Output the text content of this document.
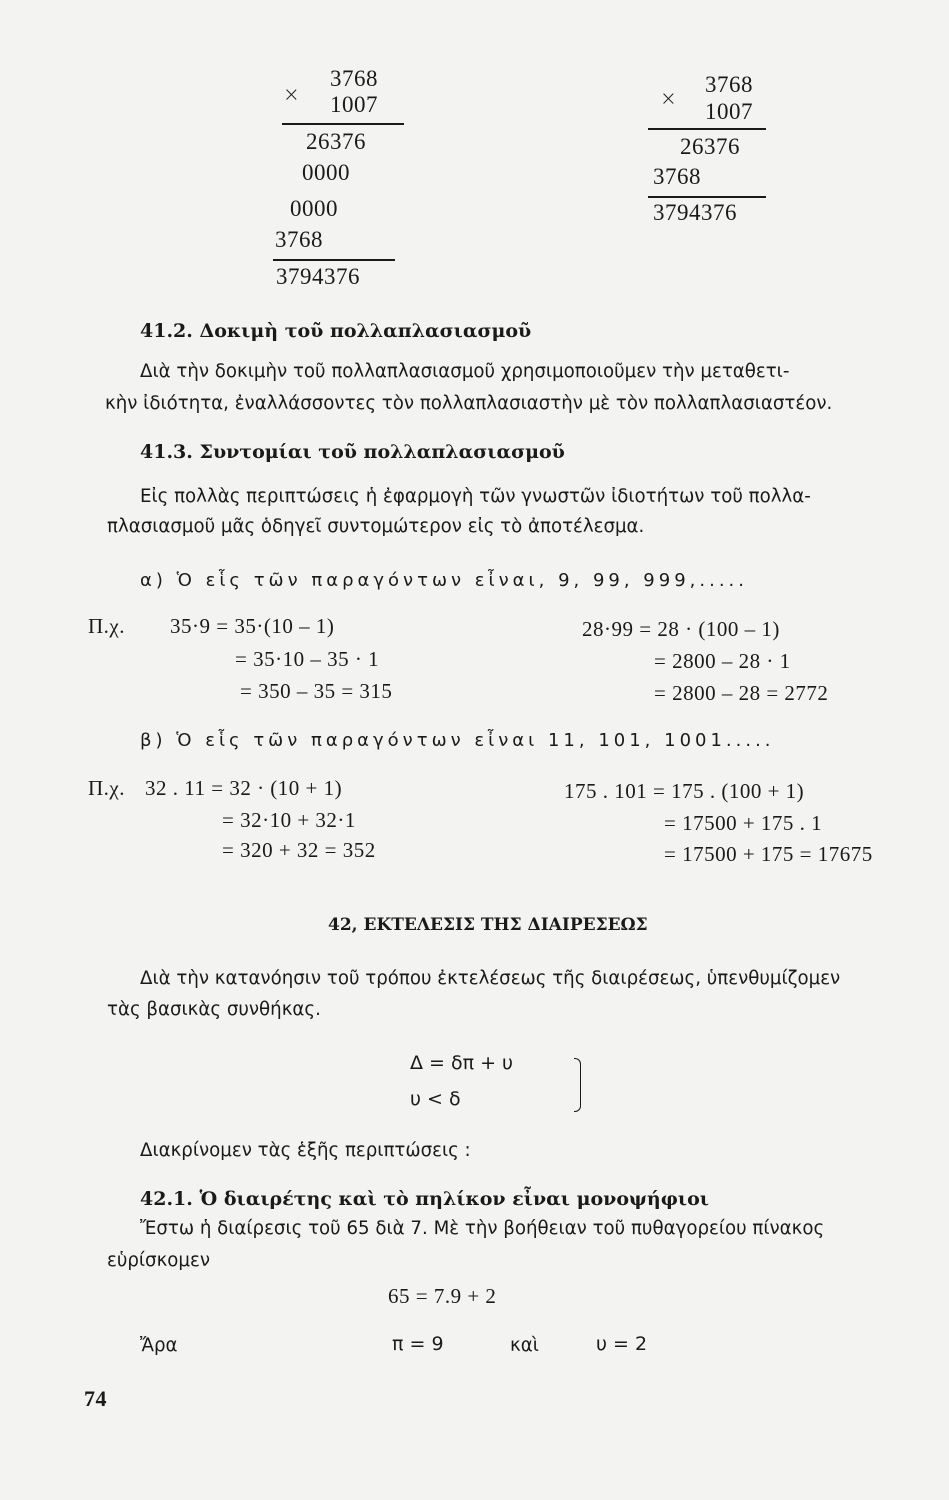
×
3768
1007
26376
0000
0000
3768
3794376
×
3768
1007
26376
3768
3794376
41.2. Δοκιμὴ τοῦ πολλαπλασιασμοῦ
Διὰ τὴν δοκιμὴν τοῦ πολλαπλασιασμοῦ χρησιμοποιοῦμεν τὴν μεταθετι-
κὴν ἰδιότητα, ἐναλλάσσοντες τὸν πολλαπλασιαστὴν μὲ τὸν πολλαπλασιαστέον.
41.3. Συντομίαι τοῦ πολλαπλασιασμοῦ
Εἰς πολλὰς περιπτώσεις ἡ ἐφαρμογὴ τῶν γνωστῶν ἰδιοτήτων τοῦ πολλα-
πλασιασμοῦ μᾶς ὁδηγεῖ συντομώτερον εἰς τὸ ἀποτέλεσμα.
α) Ὁ εἷς τῶν παραγόντων εἶναι, 9, 99, 999,.....
Π.χ. 35·9 = 35·(10 – 1)
= 35·10 – 35 · 1
= 350 – 35 = 315
28·99 = 28 · (100 – 1)
= 2800 – 28 · 1
= 2800 – 28 = 2772
β) Ὁ εἷς τῶν παραγόντων εἶναι 11, 101, 1001.....
Π.χ. 32 . 11 = 32 · (10 + 1)
= 32·10 + 32·1
= 320 + 32 = 352
175 . 101 = 175 . (100 + 1)
= 17500 + 175 . 1
= 17500 + 175 = 17675
42, ΕΚΤΕΛΕΣΙΣ ΤΗΣ ΔΙΑΙΡΕΣΕΩΣ
Διὰ τὴν κατανόησιν τοῦ τρόπου ἐκτελέσεως τῆς διαιρέσεως, ὑπενθυμίζομεν
τὰς βασικὰς συνθήκας.
Δ = δπ + υ
υ < δ
Διακρίνομεν τὰς ἑξῆς περιπτώσεις :
42.1. Ὁ διαιρέτης καὶ τὸ πηλίκον εἶναι μονοψήφιοι
Ἔστω ἡ διαίρεσις τοῦ 65 διὰ 7. Μὲ τὴν βοήθειαν τοῦ πυθαγορείου πίνακος
εὑρίσκομεν
65 = 7.9 + 2
Ἄρα	π = 9	καὶ	υ = 2
74
